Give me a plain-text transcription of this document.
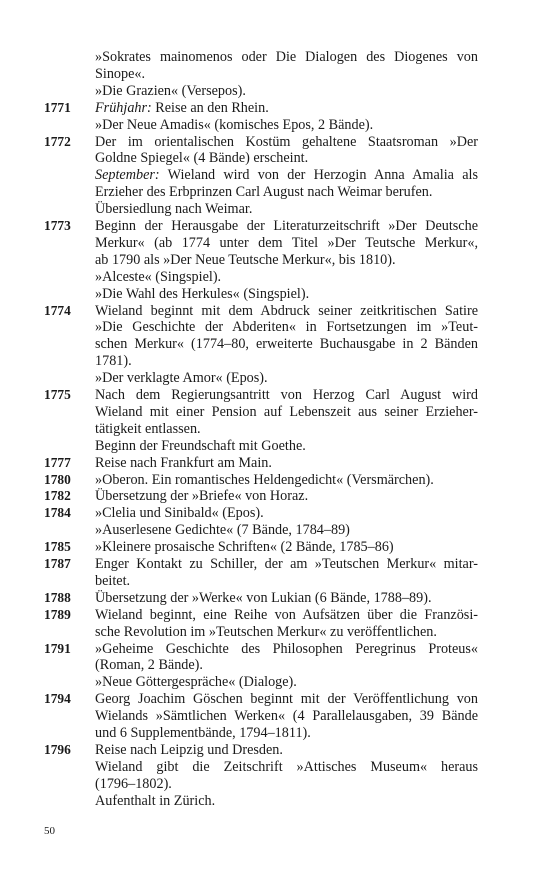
»Sokrates mainomenos oder Die Dialogen des Diogenes von
Sinope«.
»Die Grazien« (Versepos).
1771	Frühjahr: Reise an den Rhein.
»Der Neue Amadis« (komisches Epos, 2 Bände).
1772	Der im orientalischen Kostüm gehaltene Staatsroman »Der
Goldne Spiegel« (4 Bände) erscheint.
September: Wieland wird von der Herzogin Anna Amalia als
Erzieher des Erbprinzen Carl August nach Weimar berufen.
Übersiedlung nach Weimar.
1773	Beginn der Herausgabe der Literaturzeitschrift »Der Deutsche
Merkur« (ab 1774 unter dem Titel »Der Teutsche Merkur«,
ab 1790 als »Der Neue Teutsche Merkur«, bis 1810).
»Alceste« (Singspiel).
»Die Wahl des Herkules« (Singspiel).
1774	Wieland beginnt mit dem Abdruck seiner zeitkritischen Satire
»Die Geschichte der Abderiten« in Fortsetzungen im »Teut-
schen Merkur« (1774–80, erweiterte Buchausgabe in 2 Bänden
1781).
»Der verklagte Amor« (Epos).
1775	Nach dem Regierungsantritt von Herzog Carl August wird
Wieland mit einer Pension auf Lebenszeit aus seiner Erzieher-
tätigkeit entlassen.
Beginn der Freundschaft mit Goethe.
1777	Reise nach Frankfurt am Main.
1780	»Oberon. Ein romantisches Heldengedicht« (Versmärchen).
1782	Übersetzung der »Briefe« von Horaz.
1784	»Clelia und Sinibald« (Epos).
»Auserlesene Gedichte« (7 Bände, 1784–89)
1785	»Kleinere prosaische Schriften« (2 Bände, 1785–86)
1787	Enger Kontakt zu Schiller, der am »Teutschen Merkur« mitar-
beitet.
1788	Übersetzung der »Werke« von Lukian (6 Bände, 1788–89).
1789	Wieland beginnt, eine Reihe von Aufsätzen über die Französi-
sche Revolution im »Teutschen Merkur« zu veröffentlichen.
1791	»Geheime Geschichte des Philosophen Peregrinus Proteus«
(Roman, 2 Bände).
»Neue Göttergespräche« (Dialoge).
1794	Georg Joachim Göschen beginnt mit der Veröffentlichung von
Wielands »Sämtlichen Werken« (4 Parallelausgaben, 39 Bände
und 6 Supplementbände, 1794–1811).
1796	Reise nach Leipzig und Dresden.
Wieland gibt die Zeitschrift »Attisches Museum« heraus
(1796–1802).
Aufenthalt in Zürich.
50
